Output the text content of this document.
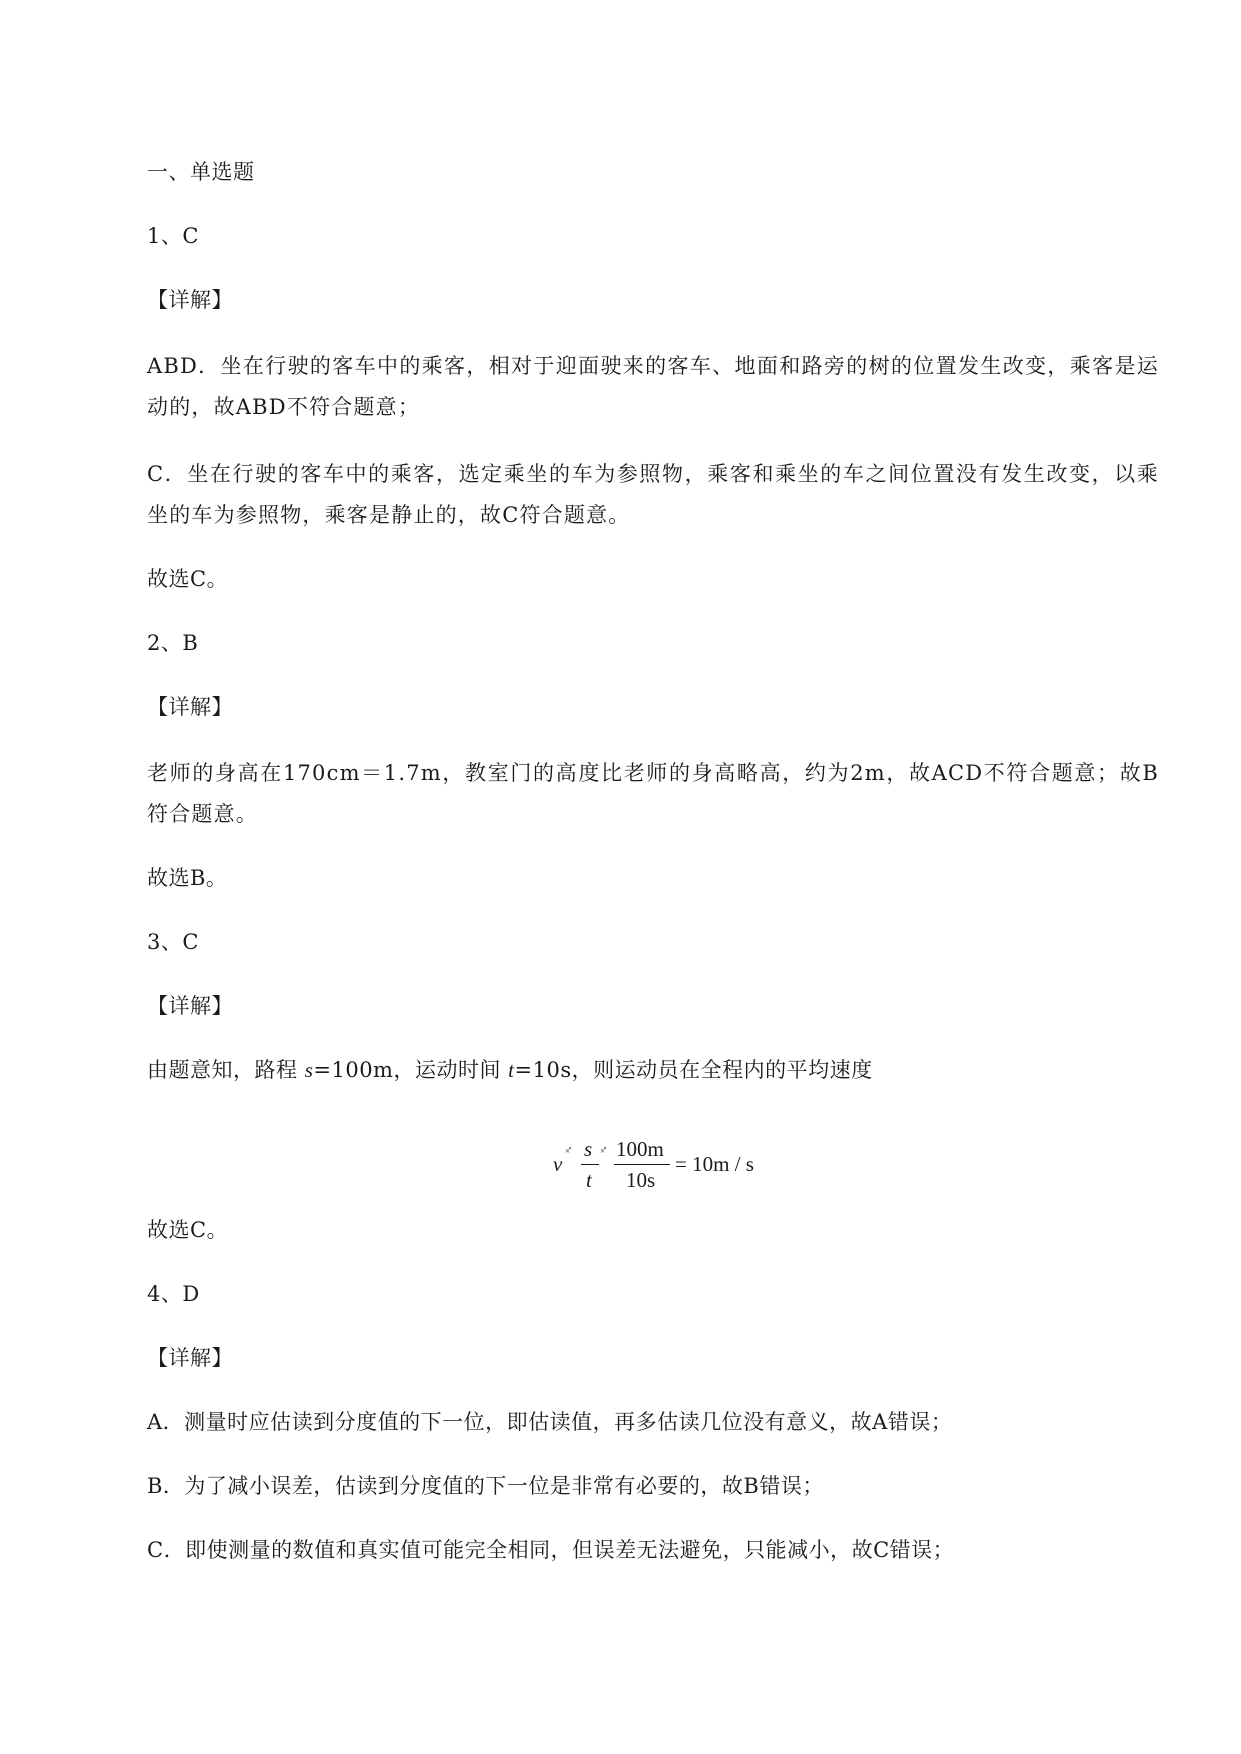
一、单选题
1、C
【详解】
ABD．坐在行驶的客车中的乘客，相对于迎面驶来的客车、地面和路旁的树的位置发生改变，乘客是运动的，故ABD不符合题意；
C．坐在行驶的客车中的乘客，选定乘坐的车为参照物，乘客和乘坐的车之间位置没有发生改变，以乘坐的车为参照物，乘客是静止的，故C符合题意。
故选C。
2、B
【详解】
老师的身高在170cm＝1.7m，教室门的高度比老师的身高略高，约为2m，故ACD不符合题意；故B符合题意。
故选B。
3、C
【详解】
由题意知，路程 s=100m，运动时间 t=10s，则运动员在全程内的平均速度
v
×̊̊ s
t
×̊̊ 100m
10s
= 10m / s
故选C。
4、D
【详解】
A．测量时应估读到分度值的下一位，即估读值，再多估读几位没有意义，故A错误；
B．为了减小误差，估读到分度值的下一位是非常有必要的，故B错误；
C．即使测量的数值和真实值可能完全相同，但误差无法避免，只能减小，故C错误；
